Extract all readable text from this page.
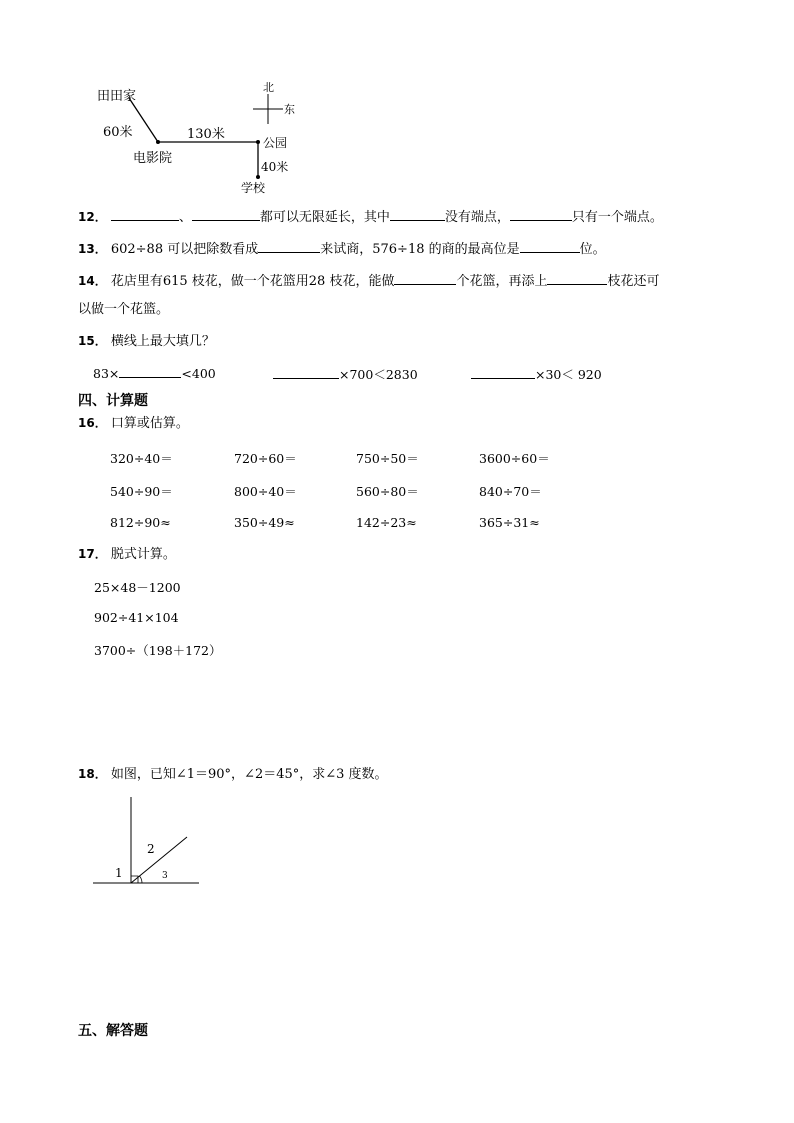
田田家
60米
电影院
130米
公园
40米
学校
北
东
12．	、	都可以无限延长，其中	没有端点，	只有一个端点。
13． 602÷88 可以把除数看成	来试商，576÷18 的商的最高位是	位。
14． 花店里有615 枝花，做一个花篮用28 枝花，能做	个花篮，再添上	枝花还可
以做一个花篮。
15． 横线上最大填几？
83×	<400	×700＜2830	×30＜ 920
四、计算题
16． 口算或估算。
320÷40＝	720÷60＝	750÷50＝	3600÷60＝
540÷90＝	800÷40＝	560÷80＝	840÷70＝
812÷90≈	350÷49≈	142÷23≈	365÷31≈
17． 脱式计算。
25×48－1200
902÷41×104
3700÷（198＋172）
18． 如图，已知∠1＝90°，∠2＝45°，求∠3 度数。
1
2
3
五、解答题
